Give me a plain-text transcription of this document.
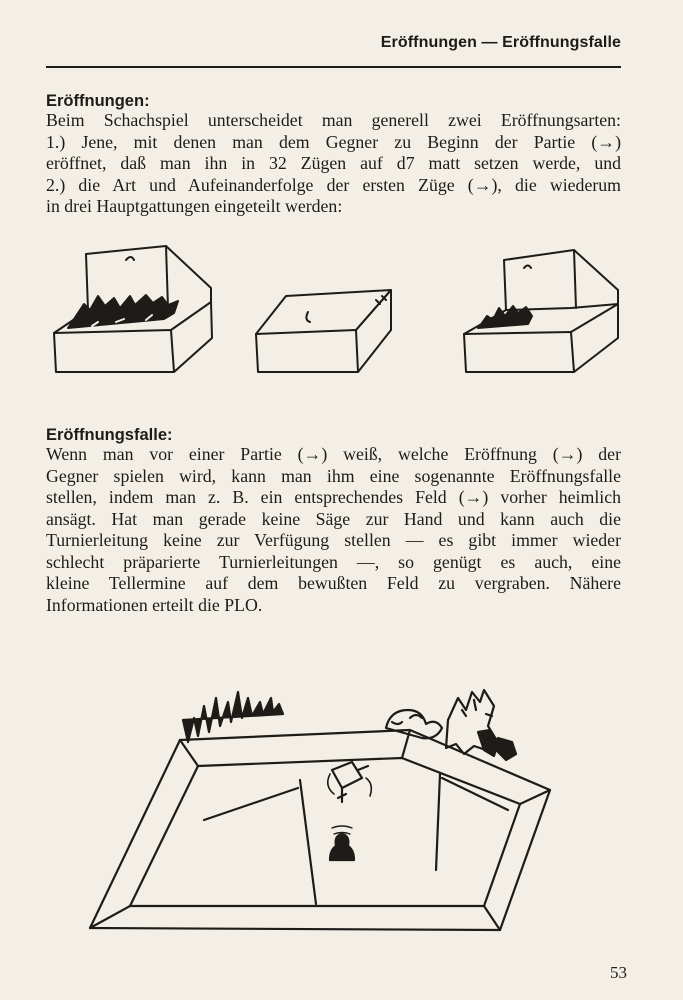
Eröffnungen — Eröffnungsfalle
Eröffnungen:

Beim Schachspiel unterscheidet man generell zwei Eröffnungsarten:
1.) Jene, mit denen man dem Gegner zu Beginn der Partie (→)
eröffnet, daß man ihn in 32 Zügen auf d7 matt setzen werde, und
2.) die Art und Aufeinanderfolge der ersten Züge (→), die wiederum
in drei Hauptgattungen eingeteilt werden:

Eröffnungsfalle:

Wenn man vor einer Partie (→) weiß, welche Eröffnung (→) der
Gegner spielen wird, kann man ihm eine sogenannte Eröffnungsfalle
stellen, indem man z. B. ein entsprechendes Feld (→) vorher heimlich
ansägt. Hat man gerade keine Säge zur Hand und kann auch die
Turnierleitung keine zur Verfügung stellen — es gibt immer wieder
schlecht präparierte Turnierleitungen —, so genügt es auch, eine
kleine Tellermine auf dem bewußten Feld zu vergraben. Nähere
Informationen erteilt die PLO.

53
